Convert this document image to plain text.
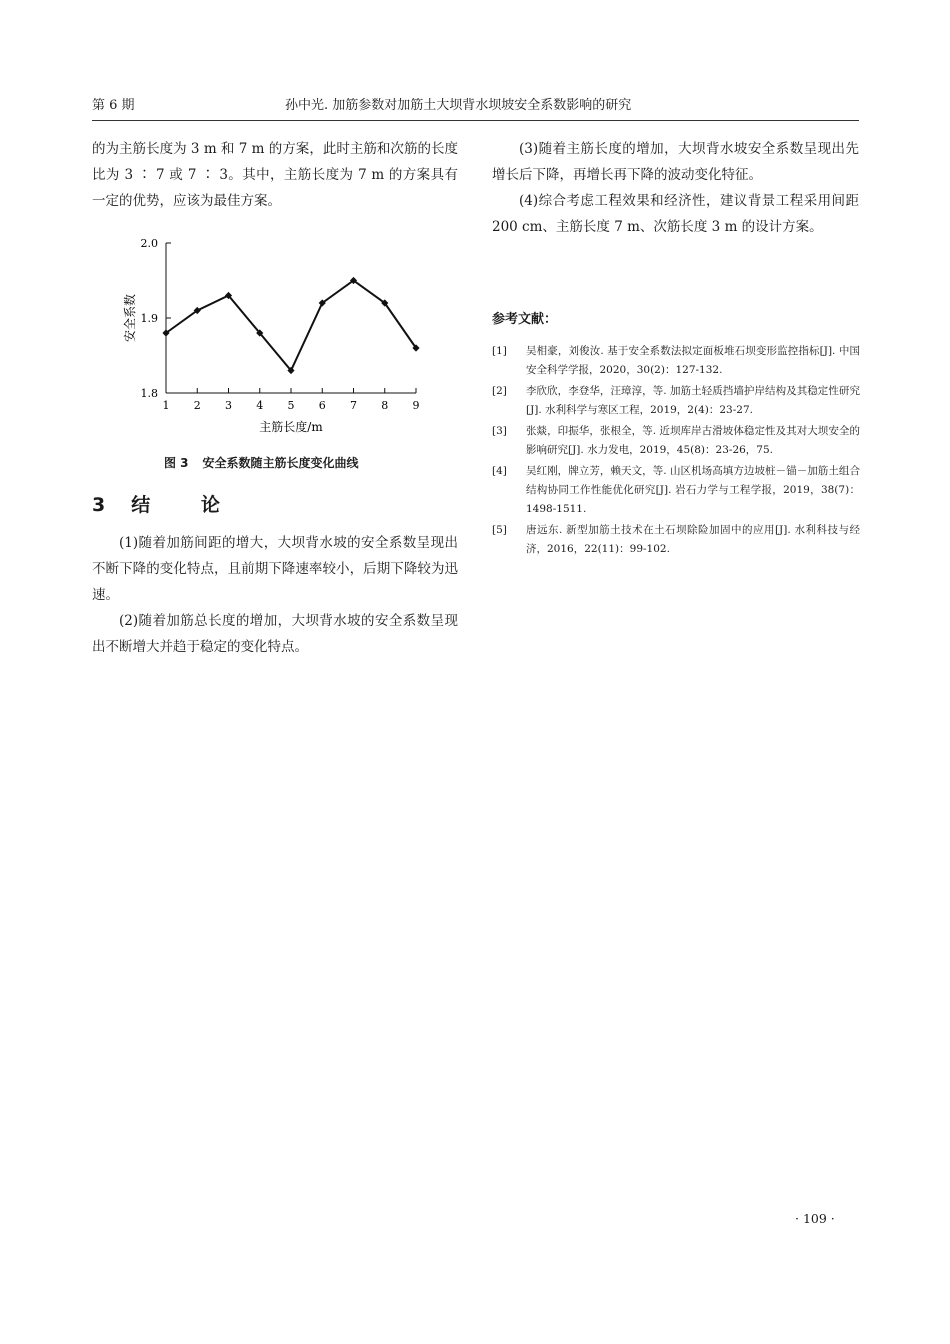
第 6 期	孙中光. 加筋参数对加筋土大坝背水坝坡安全系数影响的研究

的为主筋长度为 3 m 和 7 m 的方案，此时主筋和次筋的长度比为 3 ∶ 7 或 7 ∶ 3。其中，主筋长度为 7 m 的方案具有一定的优势，应该为最佳方案。

1.8
1.9
2.0
1 2 3 4 5 6 7 8 9
安全系数
主筋长度/m
图 3 安全系数随主筋长度变化曲线
3 结 论

(1)随着加筋间距的增大，大坝背水坡的安全系数呈现出不断下降的变化特点，且前期下降速率较小，后期下降较为迅速。

(2)随着加筋总长度的增加，大坝背水坡的安全系数呈现出不断增大并趋于稳定的变化特点。

(3)随着主筋长度的增加，大坝背水坡安全系数呈现出先增长后下降，再增长再下降的波动变化特征。

(4)综合考虑工程效果和经济性，建议背景工程采用间距 200 cm、主筋长度 7 m、次筋长度 3 m 的设计方案。

参考文献：
[1] 吴相豪，刘俊汝. 基于安全系数法拟定面板堆石坝变形监控指标[J]. 中国安全科学学报，2020，30(2)：127-132.
[2] 李欣欣，李登华，汪璋淳，等. 加筋土轻质挡墙护岸结构及其稳定性研究[J]. 水利科学与寒区工程，2019，2(4)：23-27.
[3] 张燚，印振华，张根全，等. 近坝库岸古滑坡体稳定性及其对大坝安全的影响研究[J]. 水力发电，2019，45(8)：23-26，75.
[4] 吴红刚，牌立芳，赖天文，等. 山区机场高填方边坡桩－锚－加筋土组合结构协同工作性能优化研究[J]. 岩石力学与工程学报，2019，38(7)：1498-1511.
[5] 唐远东. 新型加筋土技术在土石坝除险加固中的应用[J]. 水利科技与经济，2016，22(11)：99-102.
· 109 ·
